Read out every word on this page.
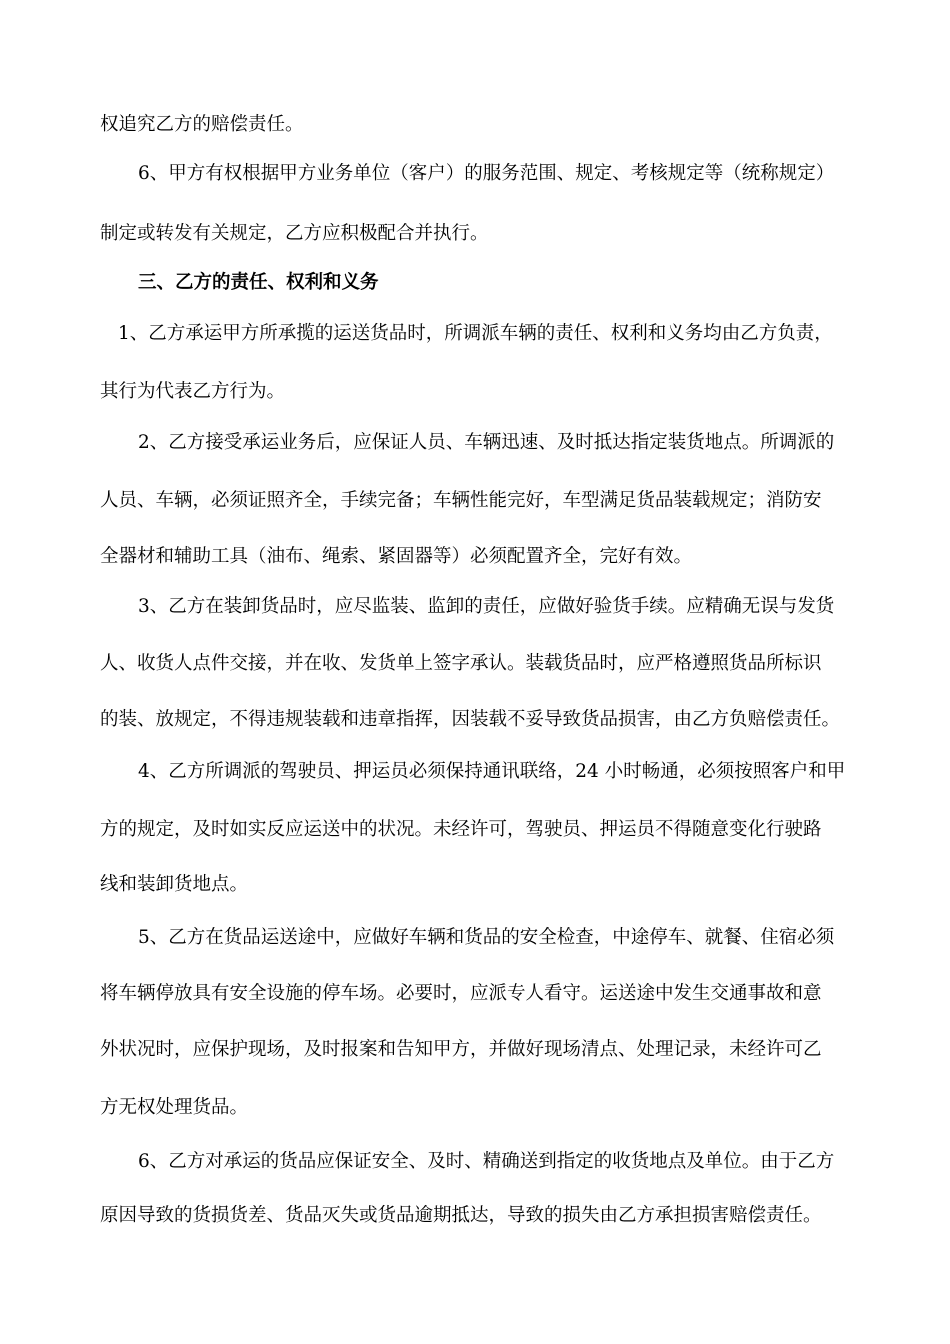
权追究乙方的赔偿责任。
6、甲方有权根据甲方业务单位（客户）的服务范围、规定、考核规定等（统称规定）
制定或转发有关规定，乙方应积极配合并执行。
三、乙方的责任、权利和义务
1、乙方承运甲方所承揽的运送货品时，所调派车辆的责任、权利和义务均由乙方负责，
其行为代表乙方行为。
2、乙方接受承运业务后，应保证人员、车辆迅速、及时抵达指定装货地点。所调派的
人员、车辆，必须证照齐全，手续完备；车辆性能完好，车型满足货品装载规定；消防安
全器材和辅助工具（油布、绳索、紧固器等）必须配置齐全，完好有效。
3、乙方在装卸货品时，应尽监装、监卸的责任，应做好验货手续。应精确无误与发货
人、收货人点件交接，并在收、发货单上签字承认。装载货品时，应严格遵照货品所标识
的装、放规定，不得违规装载和违章指挥，因装载不妥导致货品损害，由乙方负赔偿责任。
4、乙方所调派的驾驶员、押运员必须保持通讯联络，24 小时畅通，必须按照客户和甲
方的规定，及时如实反应运送中的状况。未经许可，驾驶员、押运员不得随意变化行驶路
线和装卸货地点。
5、乙方在货品运送途中，应做好车辆和货品的安全检查，中途停车、就餐、住宿必须
将车辆停放具有安全设施的停车场。必要时，应派专人看守。运送途中发生交通事故和意
外状况时，应保护现场，及时报案和告知甲方，并做好现场清点、处理记录，未经许可乙
方无权处理货品。
6、乙方对承运的货品应保证安全、及时、精确送到指定的收货地点及单位。由于乙方
原因导致的货损货差、货品灭失或货品逾期抵达，导致的损失由乙方承担损害赔偿责任。
